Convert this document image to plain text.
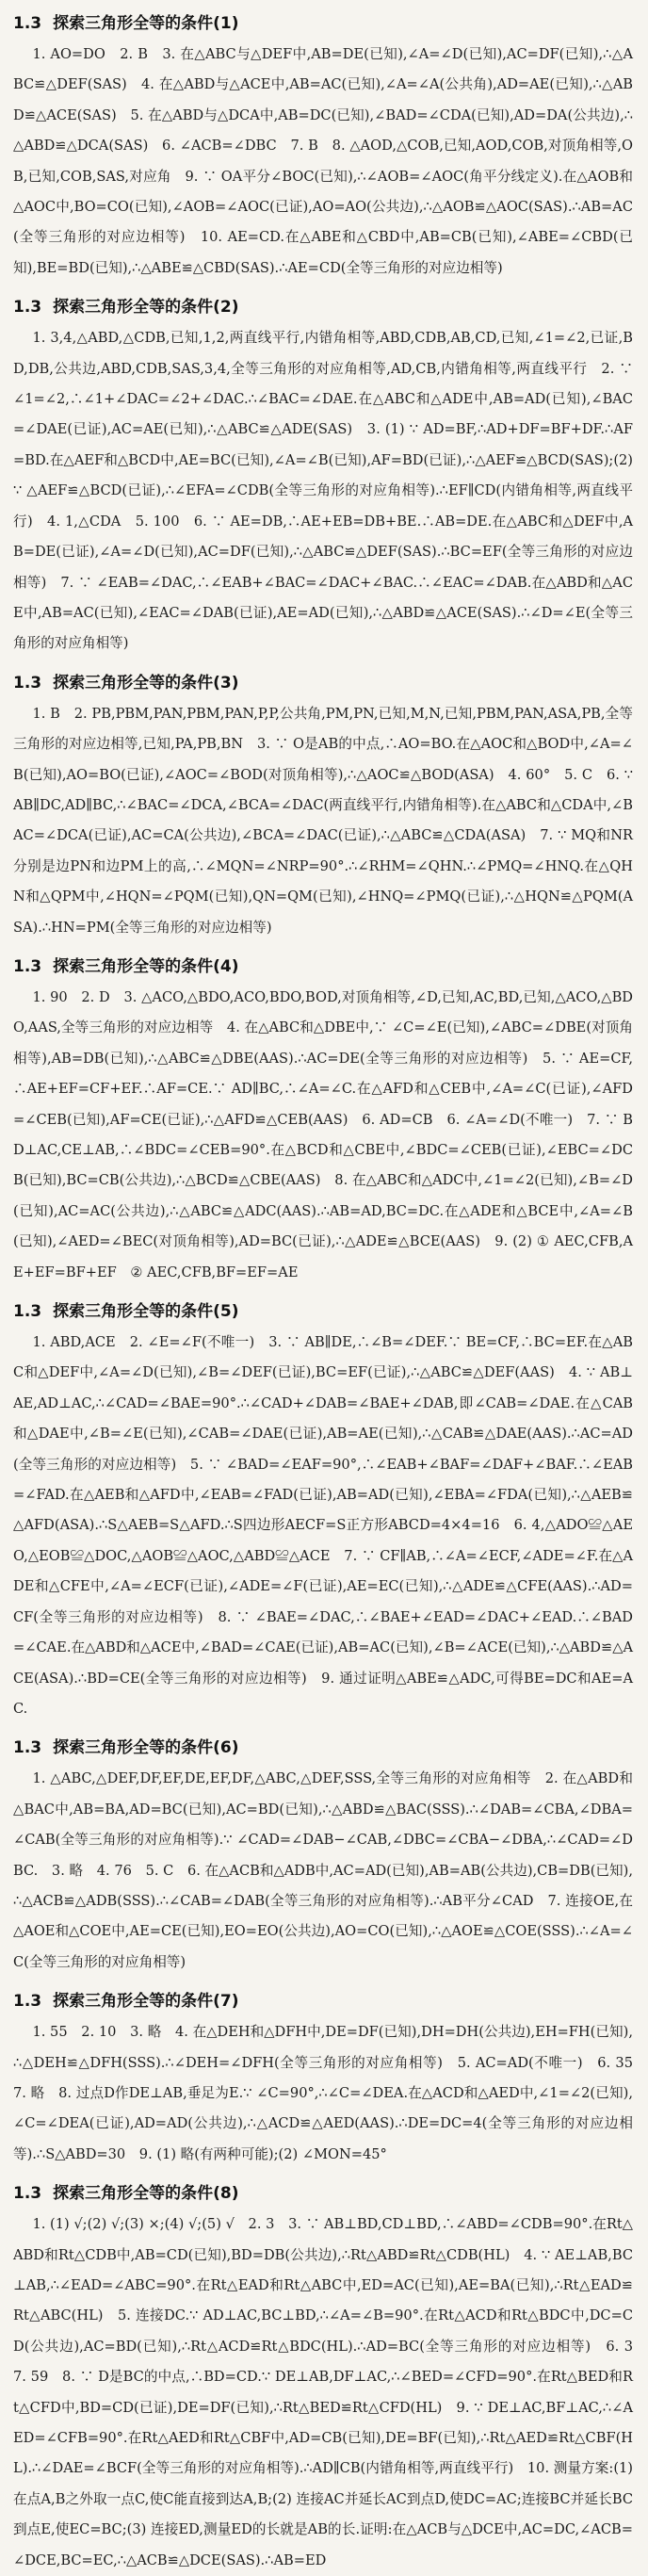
1.3 探索三角形全等的条件(1)
1. AO=DO　2. B　3. 在△ABC与△DEF中,AB=DE(已知),∠A=∠D(已知),AC=DF(已知),∴△ABC≌△DEF(SAS)　4. 在△ABD与△ACE中,AB=AC(已知),∠A=∠A(公共角),AD=AE(已知),∴△ABD≌△ACE(SAS)　5. 在△ABD与△DCA中,AB=DC(已知),∠BAD=∠CDA(已知),AD=DA(公共边),∴△ABD≌△DCA(SAS)　6. ∠ACB=∠DBC　7. B　8. △AOD,△COB,已知,AOD,COB,对顶角相等,OB,已知,COB,SAS,对应角　9. ∵ OA平分∠BOC(已知),∴∠AOB=∠AOC(角平分线定义).在△AOB和△AOC中,BO=CO(已知),∠AOB=∠AOC(已证),AO=AO(公共边),∴△AOB≌△AOC(SAS).∴AB=AC(全等三角形的对应边相等)　10. AE=CD.在△ABE和△CBD中,AB=CB(已知),∠ABE=∠CBD(已知),BE=BD(已知),∴△ABE≌△CBD(SAS).∴AE=CD(全等三角形的对应边相等)
1.3 探索三角形全等的条件(2)
1. 3,4,△ABD,△CDB,已知,1,2,两直线平行,内错角相等,ABD,CDB,AB,CD,已知,∠1=∠2,已证,BD,DB,公共边,ABD,CDB,SAS,3,4,全等三角形的对应角相等,AD,CB,内错角相等,两直线平行　2. ∵ ∠1=∠2,∴∠1+∠DAC=∠2+∠DAC.∴∠BAC=∠DAE.在△ABC和△ADE中,AB=AD(已知),∠BAC=∠DAE(已证),AC=AE(已知),∴△ABC≌△ADE(SAS)　3. (1) ∵ AD=BF,∴AD+DF=BF+DF.∴AF=BD.在△AEF和△BCD中,AE=BC(已知),∠A=∠B(已知),AF=BD(已证),∴△AEF≌△BCD(SAS);(2) ∵ △AEF≌△BCD(已证),∴∠EFA=∠CDB(全等三角形的对应角相等).∴EF∥CD(内错角相等,两直线平行)　4. 1,△CDA　5. 100　6. ∵ AE=DB,∴AE+EB=DB+BE.∴AB=DE.在△ABC和△DEF中,AB=DE(已证),∠A=∠D(已知),AC=DF(已知),∴△ABC≌△DEF(SAS).∴BC=EF(全等三角形的对应边相等)　7. ∵ ∠EAB=∠DAC,∴∠EAB+∠BAC=∠DAC+∠BAC.∴∠EAC=∠DAB.在△ABD和△ACE中,AB=AC(已知),∠EAC=∠DAB(已证),AE=AD(已知),∴△ABD≌△ACE(SAS).∴∠D=∠E(全等三角形的对应角相等)
1.3 探索三角形全等的条件(3)
1. B　2. PB,PBM,PAN,PBM,PAN,P,P,公共角,PM,PN,已知,M,N,已知,PBM,PAN,ASA,PB,全等三角形的对应边相等,已知,PA,PB,BN　3. ∵ O是AB的中点,∴AO=BO.在△AOC和△BOD中,∠A=∠B(已知),AO=BO(已证),∠AOC=∠BOD(对顶角相等),∴△AOC≌△BOD(ASA)　4. 60°　5. C　6. ∵ AB∥DC,AD∥BC,∴∠BAC=∠DCA,∠BCA=∠DAC(两直线平行,内错角相等).在△ABC和△CDA中,∠BAC=∠DCA(已证),AC=CA(公共边),∠BCA=∠DAC(已证),∴△ABC≌△CDA(ASA)　7. ∵ MQ和NR分别是边PN和边PM上的高,∴∠MQN=∠NRP=90°.∴∠RHM=∠QHN.∴∠PMQ=∠HNQ.在△QHN和△QPM中,∠HQN=∠PQM(已知),QN=QM(已知),∠HNQ=∠PMQ(已证),∴△HQN≌△PQM(ASA).∴HN=PM(全等三角形的对应边相等)
1.3 探索三角形全等的条件(4)
1. 90　2. D　3. △ACO,△BDO,ACO,BDO,BOD,对顶角相等,∠D,已知,AC,BD,已知,△ACO,△BDO,AAS,全等三角形的对应边相等　4. 在△ABC和△DBE中,∵ ∠C=∠E(已知),∠ABC=∠DBE(对顶角相等),AB=DB(已知),∴△ABC≌△DBE(AAS).∴AC=DE(全等三角形的对应边相等)　5. ∵ AE=CF,∴AE+EF=CF+EF.∴AF=CE.∵ AD∥BC,∴∠A=∠C.在△AFD和△CEB中,∠A=∠C(已证),∠AFD=∠CEB(已知),AF=CE(已证),∴△AFD≌△CEB(AAS)　6. AD=CB　6. ∠A=∠D(不唯一)　7. ∵ BD⊥AC,CE⊥AB,∴∠BDC=∠CEB=90°.在△BCD和△CBE中,∠BDC=∠CEB(已证),∠EBC=∠DCB(已知),BC=CB(公共边),∴△BCD≌△CBE(AAS)　8. 在△ABC和△ADC中,∠1=∠2(已知),∠B=∠D(已知),AC=AC(公共边),∴△ABC≌△ADC(AAS).∴AB=AD,BC=DC.在△ADE和△BCE中,∠A=∠B(已知),∠AED=∠BEC(对顶角相等),AD=BC(已证),∴△ADE≌△BCE(AAS)　9. (2) ① AEC,CFB,AE+EF=BF+EF　② AEC,CFB,BF=EF=AE
1.3 探索三角形全等的条件(5)
1. ABD,ACE　2. ∠E=∠F(不唯一)　3. ∵ AB∥DE,∴∠B=∠DEF.∵ BE=CF,∴BC=EF.在△ABC和△DEF中,∠A=∠D(已知),∠B=∠DEF(已证),BC=EF(已证),∴△ABC≌△DEF(AAS)　4. ∵ AB⊥AE,AD⊥AC,∴∠CAD=∠BAE=90°.∴∠CAD+∠DAB=∠BAE+∠DAB,即∠CAB=∠DAE.在△CAB和△DAE中,∠B=∠E(已知),∠CAB=∠DAE(已证),AB=AE(已知),∴△CAB≌△DAE(AAS).∴AC=AD(全等三角形的对应边相等)　5. ∵ ∠BAD=∠EAF=90°,∴∠EAB+∠BAF=∠DAF+∠BAF.∴∠EAB=∠FAD.在△AEB和△AFD中,∠EAB=∠FAD(已证),AB=AD(已知),∠EBA=∠FDA(已知),∴△AEB≌△AFD(ASA).∴S△AEB=S△AFD.∴S四边形AECF=S正方形ABCD=4×4=16　6. 4,△ADO≌△AEO,△EOB≌△DOC,△AOB≌△AOC,△ABD≌△ACE　7. ∵ CF∥AB,∴∠A=∠ECF,∠ADE=∠F.在△ADE和△CFE中,∠A=∠ECF(已证),∠ADE=∠F(已证),AE=EC(已知),∴△ADE≌△CFE(AAS).∴AD=CF(全等三角形的对应边相等)　8. ∵ ∠BAE=∠DAC,∴∠BAE+∠EAD=∠DAC+∠EAD.∴∠BAD=∠CAE.在△ABD和△ACE中,∠BAD=∠CAE(已证),AB=AC(已知),∠B=∠ACE(已知),∴△ABD≌△ACE(ASA).∴BD=CE(全等三角形的对应边相等)　9. 通过证明△ABE≌△ADC,可得BE=DC和AE=AC.
1.3 探索三角形全等的条件(6)
1. △ABC,△DEF,DF,EF,DE,EF,DF,△ABC,△DEF,SSS,全等三角形的对应角相等　2. 在△ABD和△BAC中,AB=BA,AD=BC(已知),AC=BD(已知),∴△ABD≌△BAC(SSS).∴∠DAB=∠CBA,∠DBA=∠CAB(全等三角形的对应角相等).∵ ∠CAD=∠DAB−∠CAB,∠DBC=∠CBA−∠DBA,∴∠CAD=∠DBC.　3. 略　4. 76　5. C　6. 在△ACB和△ADB中,AC=AD(已知),AB=AB(公共边),CB=DB(已知),∴△ACB≌△ADB(SSS).∴∠CAB=∠DAB(全等三角形的对应角相等).∴AB平分∠CAD　7. 连接OE,在△AOE和△COE中,AE=CE(已知),EO=EO(公共边),AO=CO(已知),∴△AOE≌△COE(SSS).∴∠A=∠C(全等三角形的对应角相等)
1.3 探索三角形全等的条件(7)
1. 55　2. 10　3. 略　4. 在△DEH和△DFH中,DE=DF(已知),DH=DH(公共边),EH=FH(已知),∴△DEH≌△DFH(SSS).∴∠DEH=∠DFH(全等三角形的对应角相等)　5. AC=AD(不唯一)　6. 35　7. 略　8. 过点D作DE⊥AB,垂足为E.∵ ∠C=90°,∴∠C=∠DEA.在△ACD和△AED中,∠1=∠2(已知),∠C=∠DEA(已证),AD=AD(公共边),∴△ACD≌△AED(AAS).∴DE=DC=4(全等三角形的对应边相等).∴S△ABD=30　9. (1) 略(有两种可能);(2) ∠MON=45°
1.3 探索三角形全等的条件(8)
1. (1) √;(2) √;(3) ×;(4) √;(5) √　2. 3　3. ∵ AB⊥BD,CD⊥BD,∴∠ABD=∠CDB=90°.在Rt△ABD和Rt△CDB中,AB=CD(已知),BD=DB(公共边),∴Rt△ABD≌Rt△CDB(HL)　4. ∵ AE⊥AB,BC⊥AB,∴∠EAD=∠ABC=90°.在Rt△EAD和Rt△ABC中,ED=AC(已知),AE=BA(已知),∴Rt△EAD≌Rt△ABC(HL)　5. 连接DC.∵ AD⊥AC,BC⊥BD,∴∠A=∠B=90°.在Rt△ACD和Rt△BDC中,DC=CD(公共边),AC=BD(已知),∴Rt△ACD≌Rt△BDC(HL).∴AD=BC(全等三角形的对应边相等)　6. 3　7. 59　8. ∵ D是BC的中点,∴BD=CD.∵ DE⊥AB,DF⊥AC,∴∠BED=∠CFD=90°.在Rt△BED和Rt△CFD中,BD=CD(已证),DE=DF(已知),∴Rt△BED≌Rt△CFD(HL)　9. ∵ DE⊥AC,BF⊥AC,∴∠AED=∠CFB=90°.在Rt△AED和Rt△CBF中,AD=CB(已知),DE=BF(已知),∴Rt△AED≌Rt△CBF(HL).∴∠DAE=∠BCF(全等三角形的对应角相等).∴AD∥CB(内错角相等,两直线平行)　10. 测量方案:(1) 在点A,B之外取一点C,使C能直接到达A,B;(2) 连接AC并延长AC到点D,使DC=AC;连接BC并延长BC到点E,使EC=BC;(3) 连接ED,测量ED的长就是AB的长.证明:在△ACB与△DCE中,AC=DC,∠ACB=∠DCE,BC=EC,∴△ACB≌△DCE(SAS).∴AB=ED
